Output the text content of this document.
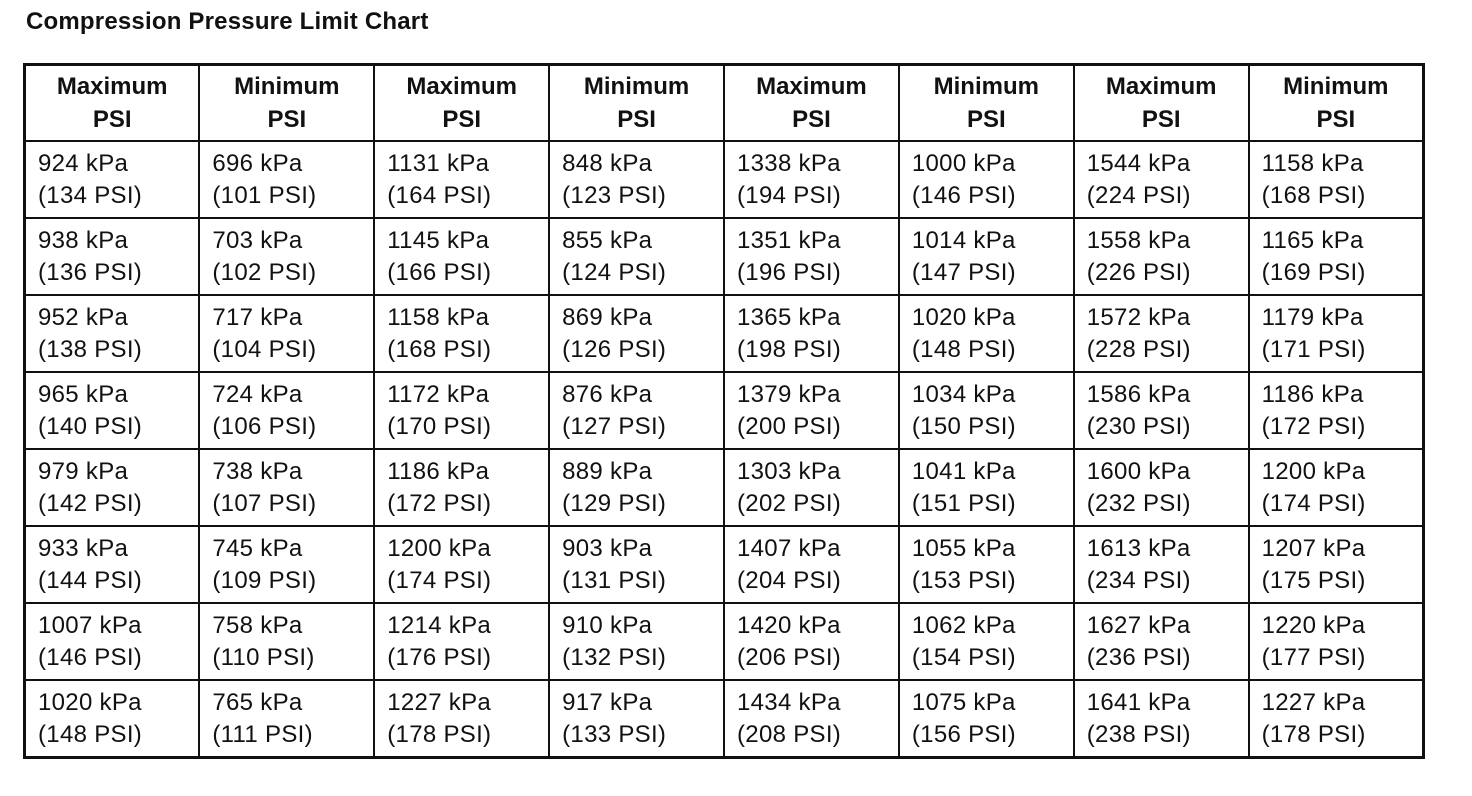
Compression Pressure Limit Chart
Maximum
PSI	Minimum
PSI	Maximum
PSI	Minimum
PSI	Maximum
PSI	Minimum
PSI	Maximum
PSI	Minimum
PSI

924 kPa
(134 PSI)	696 kPa
(101 PSI)	1131 kPa
(164 PSI)	848 kPa
(123 PSI)	1338 kPa
(194 PSI)	1000 kPa
(146 PSI)	1544 kPa
(224 PSI)	1158 kPa
(168 PSI)

938 kPa
(136 PSI)	703 kPa
(102 PSI)	1145 kPa
(166 PSI)	855 kPa
(124 PSI)	1351 kPa
(196 PSI)	1014 kPa
(147 PSI)	1558 kPa
(226 PSI)	1165 kPa
(169 PSI)

952 kPa
(138 PSI)	717 kPa
(104 PSI)	1158 kPa
(168 PSI)	869 kPa
(126 PSI)	1365 kPa
(198 PSI)	1020 kPa
(148 PSI)	1572 kPa
(228 PSI)	1179 kPa
(171 PSI)

965 kPa
(140 PSI)	724 kPa
(106 PSI)	1172 kPa
(170 PSI)	876 kPa
(127 PSI)	1379 kPa
(200 PSI)	1034 kPa
(150 PSI)	1586 kPa
(230 PSI)	1186 kPa
(172 PSI)

979 kPa
(142 PSI)	738 kPa
(107 PSI)	1186 kPa
(172 PSI)	889 kPa
(129 PSI)	1303 kPa
(202 PSI)	1041 kPa
(151 PSI)	1600 kPa
(232 PSI)	1200 kPa
(174 PSI)

933 kPa
(144 PSI)	745 kPa
(109 PSI)	1200 kPa
(174 PSI)	903 kPa
(131 PSI)	1407 kPa
(204 PSI)	1055 kPa
(153 PSI)	1613 kPa
(234 PSI)	1207 kPa
(175 PSI)

1007 kPa
(146 PSI)	758 kPa
(110 PSI)	1214 kPa
(176 PSI)	910 kPa
(132 PSI)	1420 kPa
(206 PSI)	1062 kPa
(154 PSI)	1627 kPa
(236 PSI)	1220 kPa
(177 PSI)

1020 kPa
(148 PSI)	765 kPa
(111 PSI)	1227 kPa
(178 PSI)	917 kPa
(133 PSI)	1434 kPa
(208 PSI)	1075 kPa
(156 PSI)	1641 kPa
(238 PSI)	1227 kPa
(178 PSI)
